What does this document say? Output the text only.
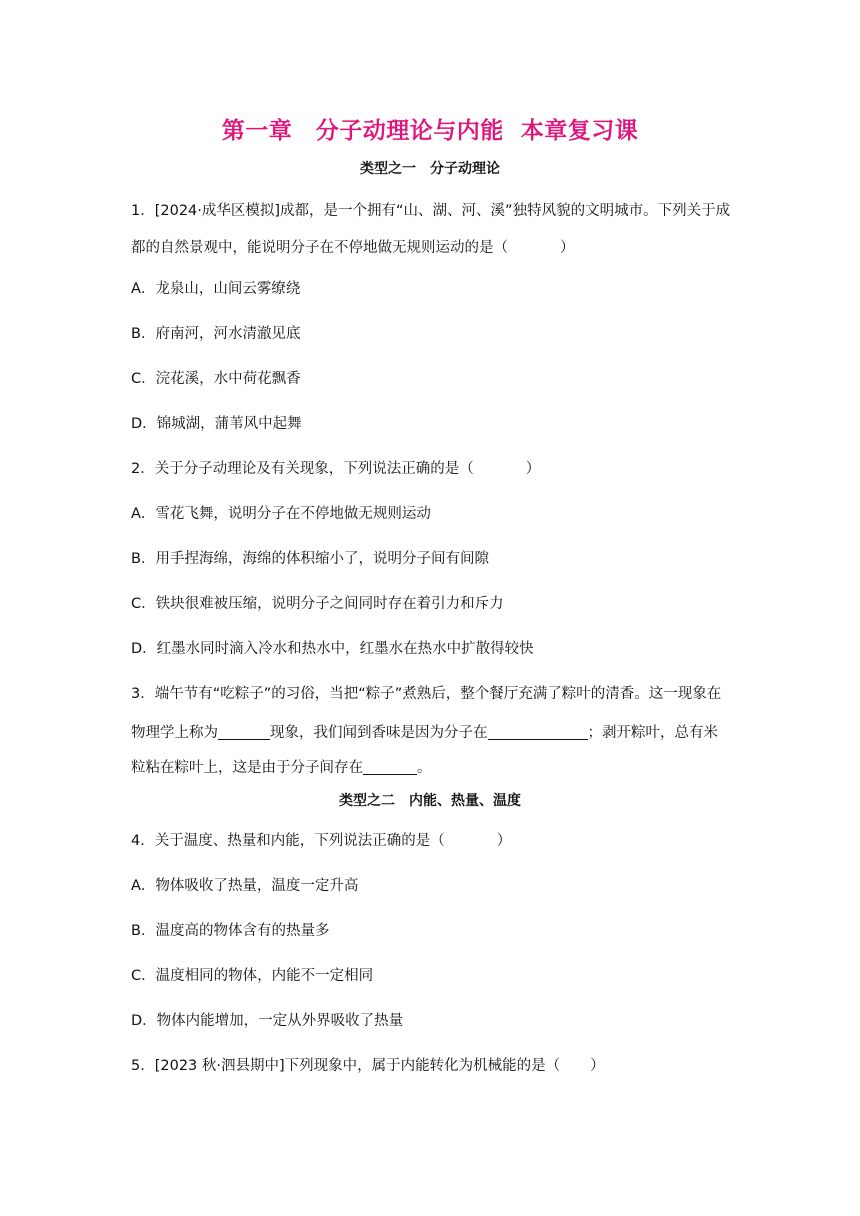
第一章　分子动理论与内能  本章复习课
类型之一　分子动理论
1．[2024·成华区模拟]成都，是一个拥有“山、湖、河、溪”独特风貌的文明城市。下列关于成
都的自然景观中，能说明分子在不停地做无规则运动的是（	）
A．龙泉山，山间云雾缭绕
B．府南河，河水清澈见底
C．浣花溪，水中荷花飘香
D．锦城湖，蒲苇风中起舞
2．关于分子动理论及有关现象，下列说法正确的是（	）
A．雪花飞舞，说明分子在不停地做无规则运动
B．用手捏海绵，海绵的体积缩小了，说明分子间有间隙
C．铁块很难被压缩，说明分子之间同时存在着引力和斥力
D．红墨水同时滴入冷水和热水中，红墨水在热水中扩散得较快
3．端午节有“吃粽子”的习俗，当把“粽子”煮熟后，整个餐厅充满了粽叶的清香。这一现象在
物理学上称为	现象，我们闻到香味是因为分子在	；剥开粽叶，总有米
粒粘在粽叶上，这是由于分子间存在	。
类型之二　内能、热量、温度
4．关于温度、热量和内能，下列说法正确的是（	）
A．物体吸收了热量，温度一定升高
B．温度高的物体含有的热量多
C．温度相同的物体，内能不一定相同
D．物体内能增加，一定从外界吸收了热量
5．[2023 秋·泗县期中]下列现象中，属于内能转化为机械能的是（ ）
